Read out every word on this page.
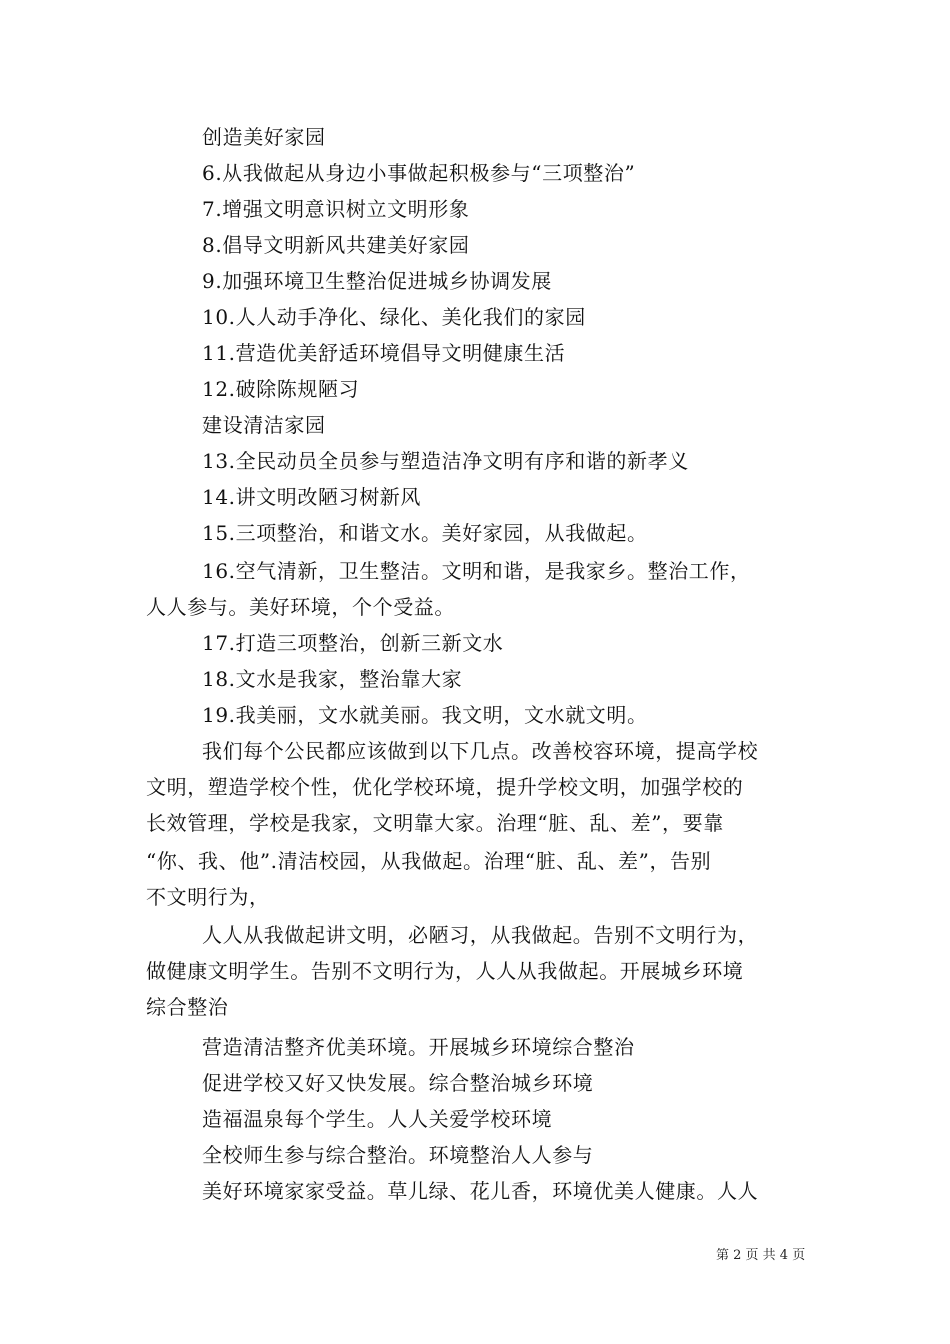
创造美好家园
6.从我做起从身边小事做起积极参与“三项整治”
7.增强文明意识树立文明形象
8.倡导文明新风共建美好家园
9.加强环境卫生整治促进城乡协调发展
10.人人动手净化、绿化、美化我们的家园
11.营造优美舒适环境倡导文明健康生活
12.破除陈规陋习
建设清洁家园
13.全民动员全员参与塑造洁净文明有序和谐的新孝义
14.讲文明改陋习树新风
15.三项整治，和谐文水。美好家园，从我做起。
16.空气清新，卫生整洁。文明和谐，是我家乡。整治工作，
人人参与。美好环境，个个受益。
17.打造三项整治，创新三新文水
18.文水是我家，整治靠大家
19.我美丽，文水就美丽。我文明，文水就文明。
我们每个公民都应该做到以下几点。改善校容环境，提高学校
文明，塑造学校个性，优化学校环境，提升学校文明，加强学校的
长效管理，学校是我家，文明靠大家。治理“脏、乱、差”，要靠
“你、我、他”.清洁校园，从我做起。治理“脏、乱、差”，告别
不文明行为，
人人从我做起讲文明，必陋习，从我做起。告别不文明行为，
做健康文明学生。告别不文明行为，人人从我做起。开展城乡环境
综合整治
营造清洁整齐优美环境。开展城乡环境综合整治
促进学校又好又快发展。综合整治城乡环境
造福温泉每个学生。人人关爱学校环境
全校师生参与综合整治。环境整治人人参与
美好环境家家受益。草儿绿、花儿香，环境优美人健康。人人
第 2 页 共 4 页
